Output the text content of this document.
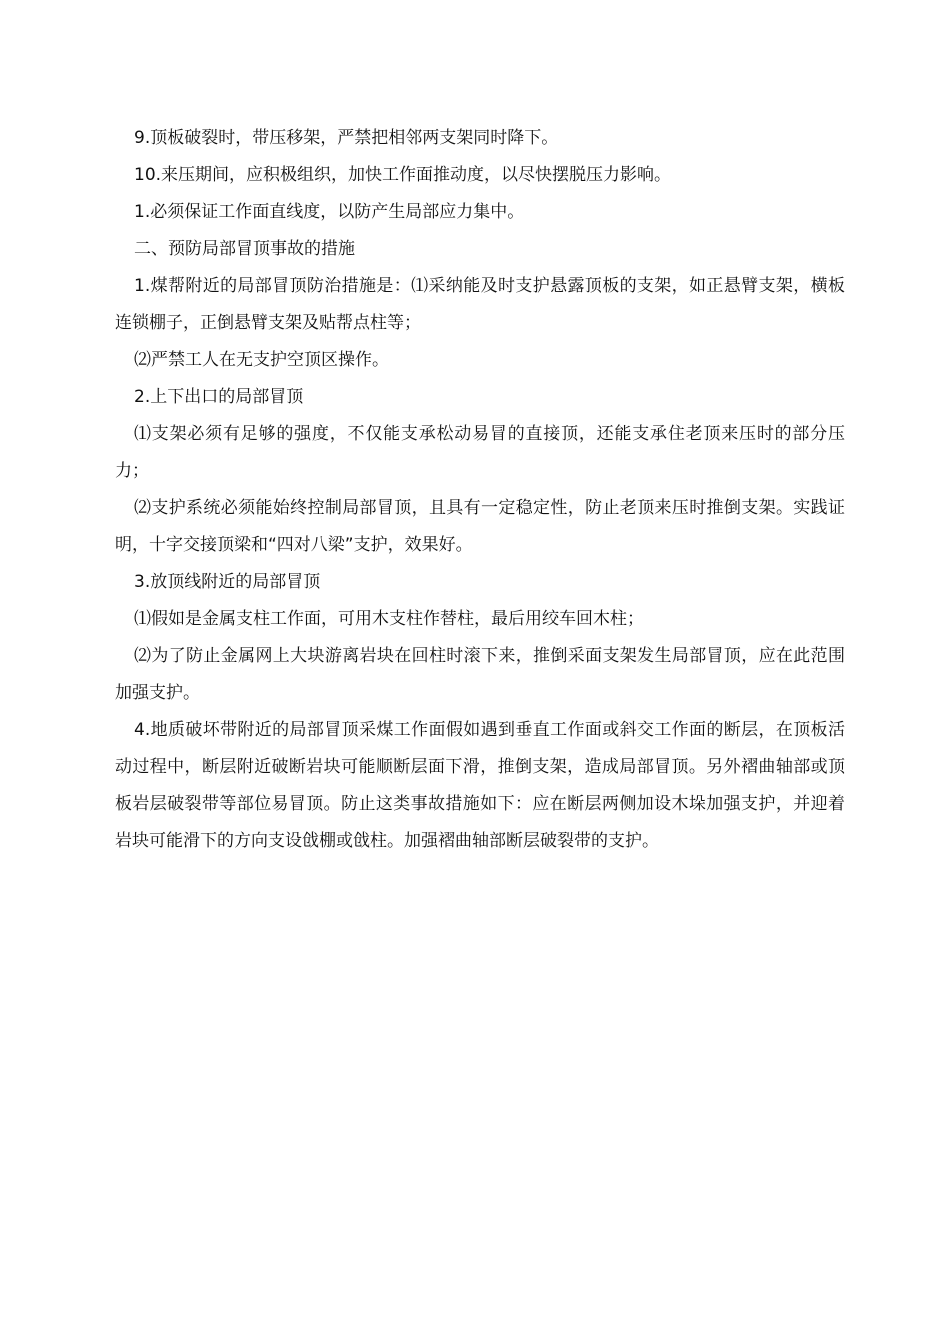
9.顶板破裂时，带压移架，严禁把相邻两支架同时降下。

10.来压期间，应积极组织，加快工作面推动度，以尽快摆脱压力影响。

1.必须保证工作面直线度，以防产生局部应力集中。

二、预防局部冒顶事故的措施

1.煤帮附近的局部冒顶防治措施是：⑴采纳能及时支护悬露顶板的支架，如正悬臂支架，横板连锁棚子，正倒悬臂支架及贴帮点柱等；

⑵严禁工人在无支护空顶区操作。

2.上下出口的局部冒顶

⑴支架必须有足够的强度，不仅能支承松动易冒的直接顶，还能支承住老顶来压时的部分压力；

⑵支护系统必须能始终控制局部冒顶，且具有一定稳定性，防止老顶来压时推倒支架。实践证明，十字交接顶梁和“四对八梁”支护，效果好。

3.放顶线附近的局部冒顶

⑴假如是金属支柱工作面，可用木支柱作替柱，最后用绞车回木柱；

⑵为了防止金属网上大块游离岩块在回柱时滚下来，推倒采面支架发生局部冒顶，应在此范围加强支护。

4.地质破坏带附近的局部冒顶采煤工作面假如遇到垂直工作面或斜交工作面的断层，在顶板活动过程中，断层附近破断岩块可能顺断层面下滑，推倒支架，造成局部冒顶。另外褶曲轴部或顶板岩层破裂带等部位易冒顶。防止这类事故措施如下：应在断层两侧加设木垛加强支护，并迎着岩块可能滑下的方向支设戗棚或戗柱。加强褶曲轴部断层破裂带的支护。
